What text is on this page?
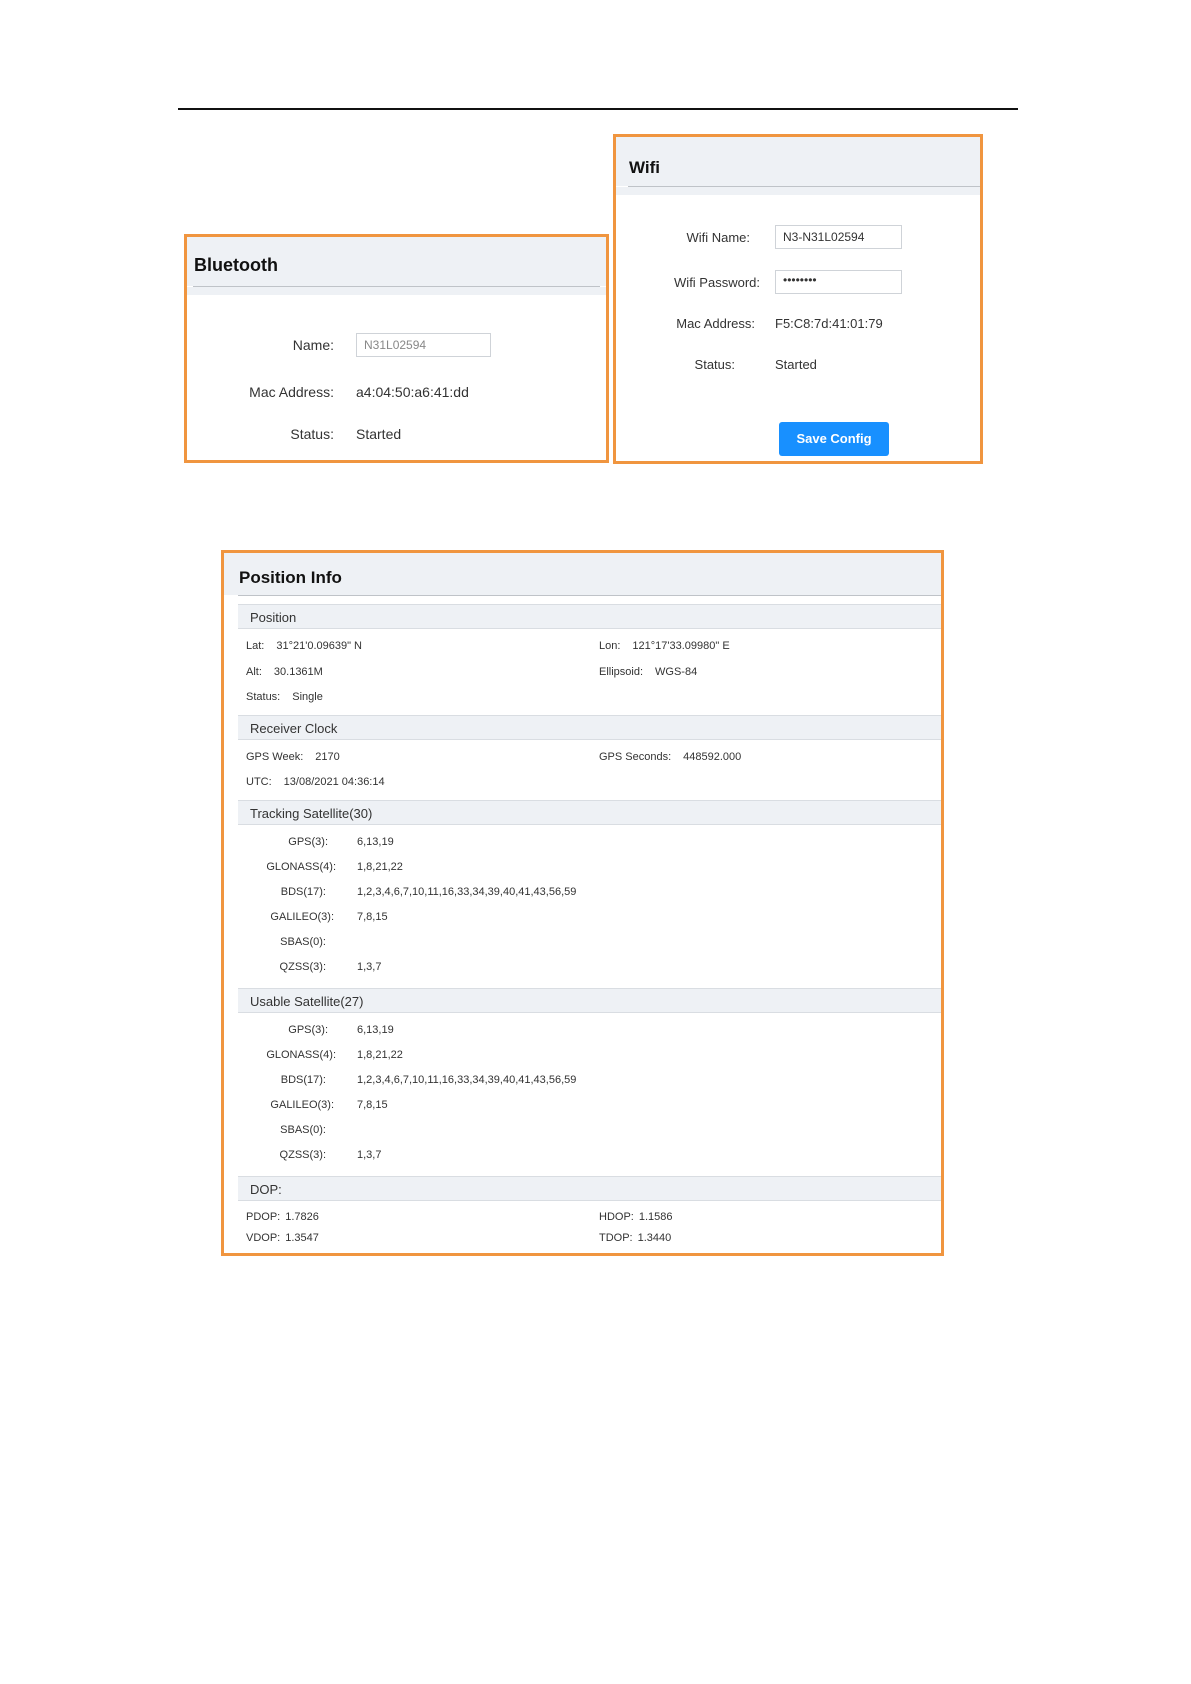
Bluetooth
Name:	N31L02594
Mac Address: a4:04:50:a6:41:dd
Status: Started
Wifi
Wifi Name:	N3-N31L02594
Wifi Password:	••••••••
Mac Address: F5:C8:7d:41:01:79
Status:	Started
Save Config
Position Info
Position
Lat: 31°21'0.09639" N	Lon: 121°17'33.09980" E
Alt: 30.1361M	Ellipsoid: WGS-84
Status: Single
Receiver Clock
GPS Week: 2170	GPS Seconds: 448592.000
UTC: 13/08/2021 04:36:14
Tracking Satellite(30)
GPS(3):	6,13,19
GLONASS(4): 1,8,21,22
BDS(17):	1,2,3,4,6,7,10,11,16,33,34,39,40,41,43,56,59
GALILEO(3): 7,8,15
SBAS(0):
QZSS(3):	1,3,7
Usable Satellite(27)
GPS(3):	6,13,19
GLONASS(4): 1,8,21,22
BDS(17):	1,2,3,4,6,7,10,11,16,33,34,39,40,41,43,56,59
GALILEO(3): 7,8,15
SBAS(0):
QZSS(3):	1,3,7
DOP:
PDOP: 1.7826	HDOP: 1.1586
VDOP: 1.3547	TDOP: 1.3440
